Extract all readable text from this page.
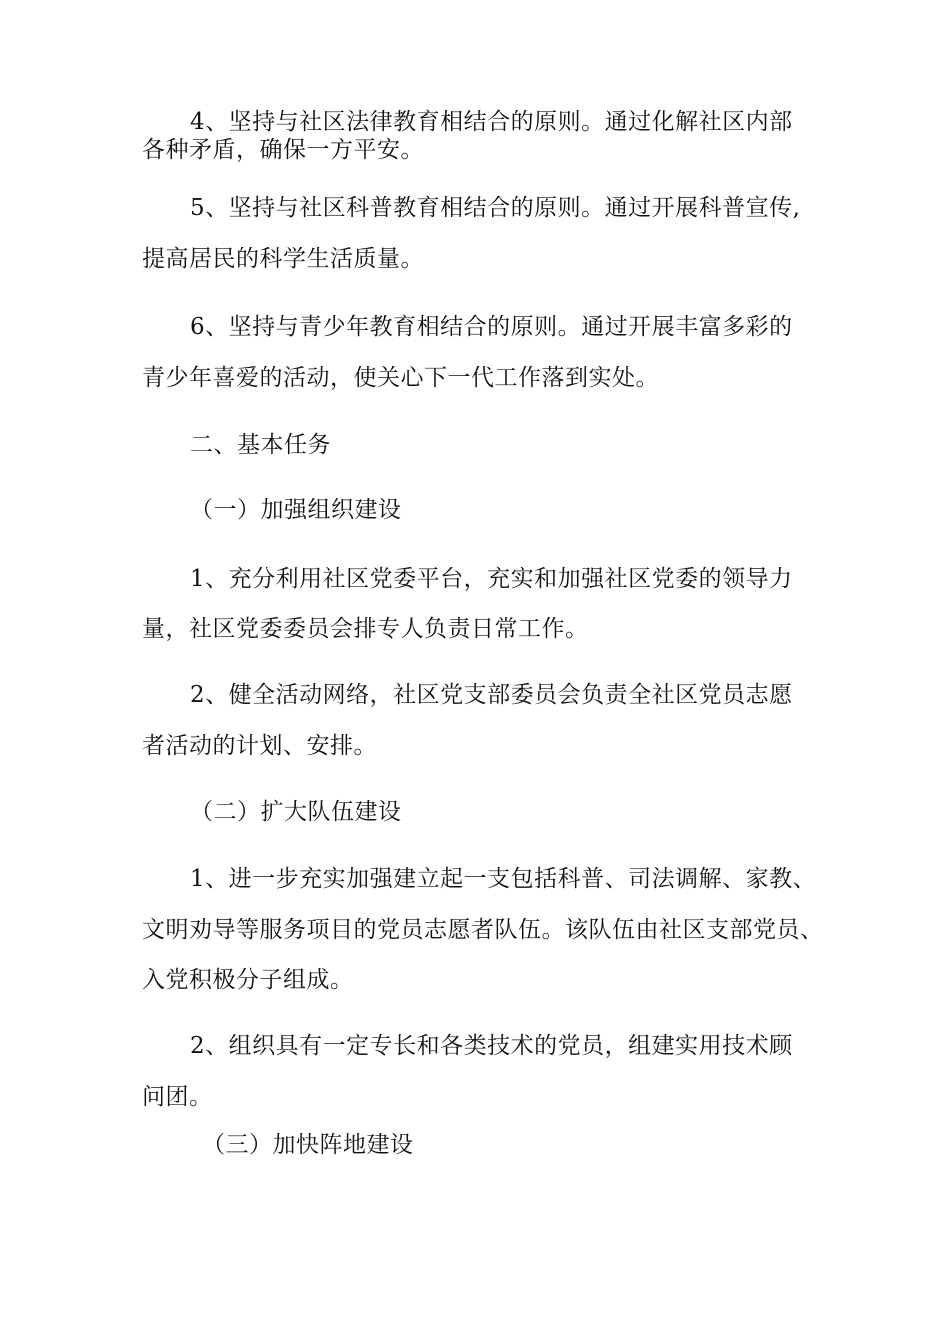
4、坚持与社区法律教育相结合的原则。通过化解社区内部
各种矛盾，确保一方平安。
5、坚持与社区科普教育相结合的原则。通过开展科普宣传,
提高居民的科学生活质量。
6、坚持与青少年教育相结合的原则。通过开展丰富多彩的
青少年喜爱的活动，使关心下一代工作落到实处。
二、基本任务
（一）加强组织建设
1、充分利用社区党委平台，充实和加强社区党委的领导力
量，社区党委委员会排专人负责日常工作。
2、健全活动网络，社区党支部委员会负责全社区党员志愿
者活动的计划、安排。
（二）扩大队伍建设
1、进一步充实加强建立起一支包括科普、司法调解、家教、
文明劝导等服务项目的党员志愿者队伍。该队伍由社区支部党员、
入党积极分子组成。
2、组织具有一定专长和各类技术的党员，组建实用技术顾
问团。
（三）加快阵地建设
